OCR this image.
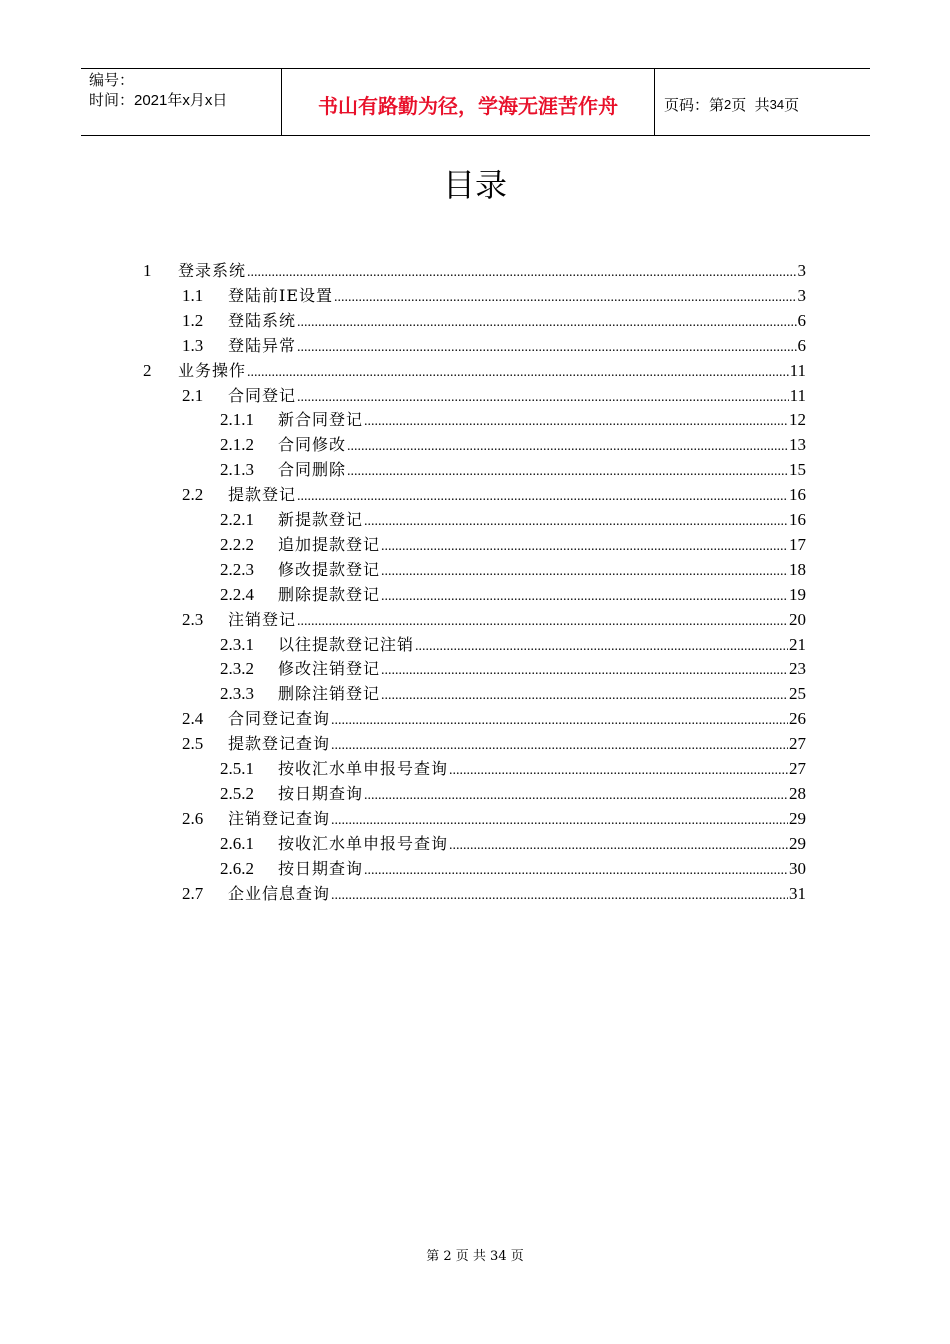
编号：
时间：2021年x月x日	书山有路勤为径，学海无涯苦作舟	页码：第 2 页  共 34 页
目录
1 登录系统 .....	3
1.1 登陆前IE设置 .....	3
1.2 登陆系统 .....	6
1.3 登陆异常 .....	6
2 业务操作 .....	11
2.1 合同登记 .....	11
2.1.1 新合同登记 .....	12
2.1.2 合同修改 .....	13
2.1.3 合同删除 .....	15
2.2 提款登记 .....	16
2.2.1 新提款登记 .....	16
2.2.2 追加提款登记 .....	17
2.2.3 修改提款登记 .....	18
2.2.4 删除提款登记 .....	19
2.3 注销登记 .....	20
2.3.1 以往提款登记注销 .....	21
2.3.2 修改注销登记 .....	23
2.3.3 删除注销登记 .....	25
2.4 合同登记查询 .....	26
2.5 提款登记查询 .....	27
2.5.1 按收汇水单申报号查询 .....	27
2.5.2 按日期查询 .....	28
2.6 注销登记查询 .....	29
2.6.1 按收汇水单申报号查询 .....	29
2.6.2 按日期查询 .....	30
2.7 企业信息查询 .....	31
第 2 页 共 34 页
